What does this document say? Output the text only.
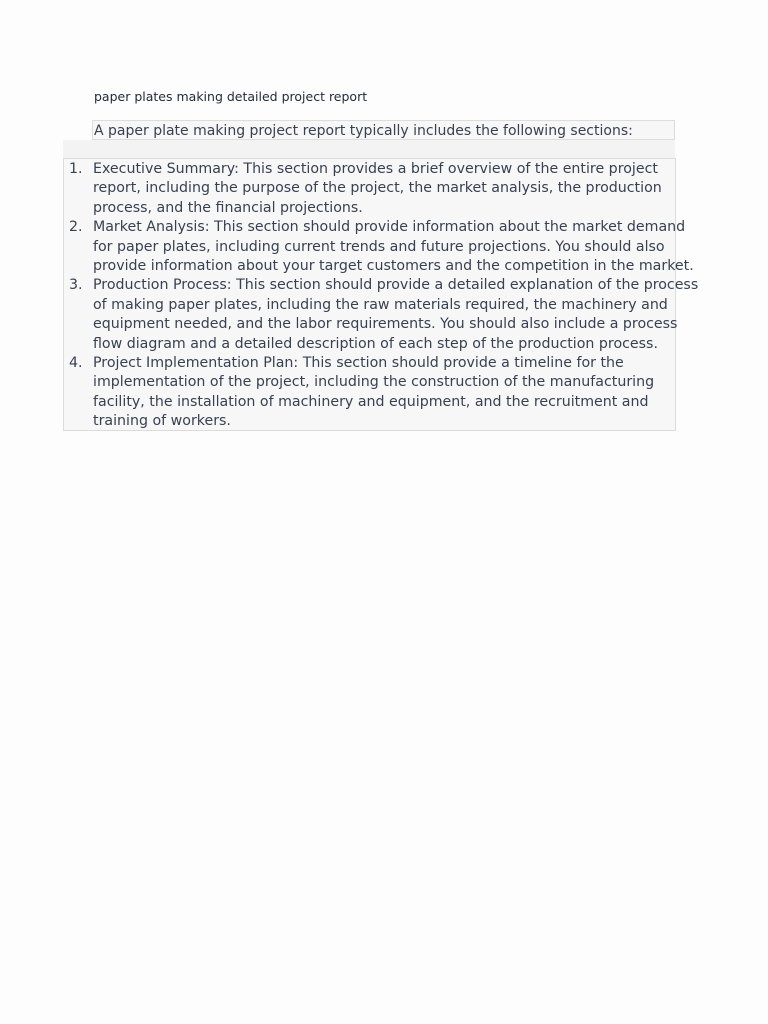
paper plates making detailed project report
A paper plate making project report typically includes the following sections:
1. Executive Summary: This section provides a brief overview of the entire project
report, including the purpose of the project, the market analysis, the production
process, and the financial projections.
2. Market Analysis: This section should provide information about the market demand
for paper plates, including current trends and future projections. You should also
provide information about your target customers and the competition in the market.
3. Production Process: This section should provide a detailed explanation of the process
of making paper plates, including the raw materials required, the machinery and
equipment needed, and the labor requirements. You should also include a process
flow diagram and a detailed description of each step of the production process.
4. Project Implementation Plan: This section should provide a timeline for the
implementation of the project, including the construction of the manufacturing
facility, the installation of machinery and equipment, and the recruitment and
training of workers.
